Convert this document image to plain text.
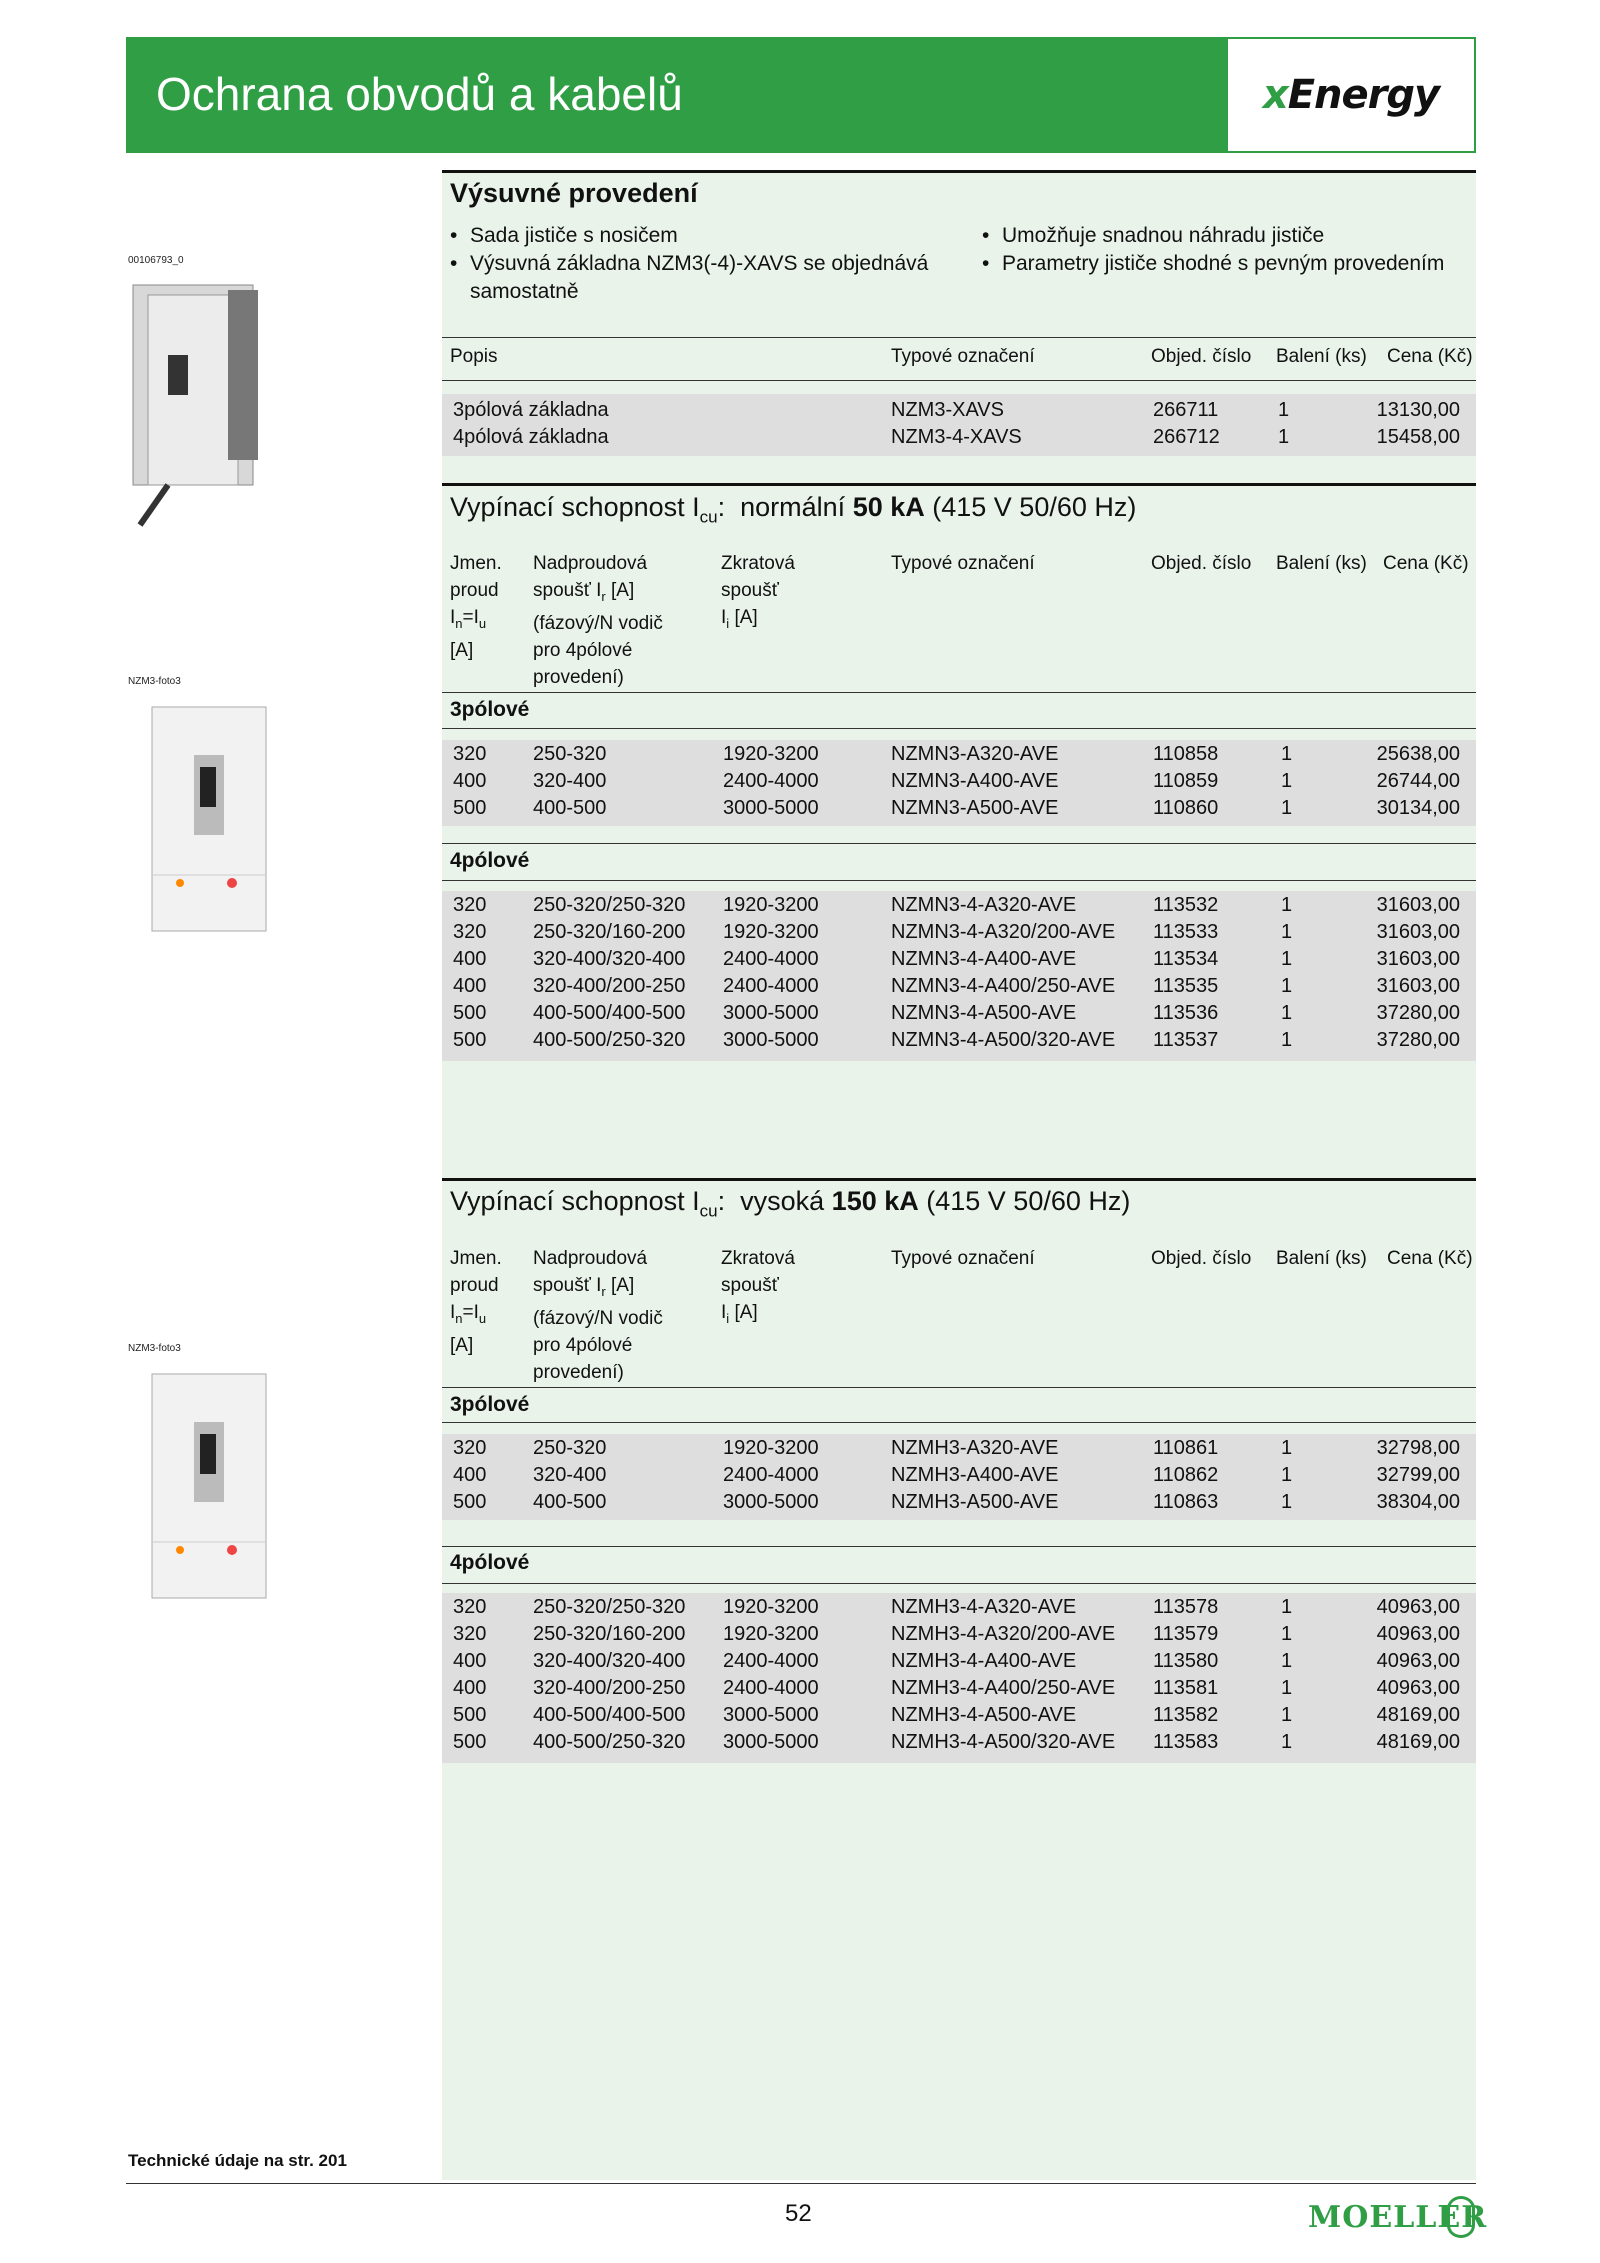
Ochrana obvodů a kabelů	xEnergy
00106793_0
NZM3-foto3
NZM3-foto3
Výsuvné provedení
• Sada jističe s nosičem
• Výsuvná základna NZM3(-4)-XAVS se objednává samostatně
• Umožňuje snadnou náhradu jističe
• Parametry jističe shodné s pevným provedením
Popis	Typové označení	Objed. číslo Balení (ks) Cena (Kč)
3pólová základna	NZM3-XAVS	266711	1	13130,00
4pólová základna	NZM3-4-XAVS	266712	1	15458,00
Vypínací schopnost $I_{cu}$:  normální 50 kA (415 V 50/60 Hz)
Jmen.
proud
$I_n=I_u$
[A]
Nadproudová
spoušť $I_r$ [A]
(fázový/N vodič
pro 4pólové
provedení)
Zkratová
spoušť
$I_i$ [A]
Typové označení	Objed. číslo Balení (ks) Cena (Kč)
3pólové
320 250-320	1920-3200	NZMN3-A320-AVE	110858	1	25638,00
400 320-400	2400-4000	NZMN3-A400-AVE	110859	1	26744,00
500 400-500	3000-5000	NZMN3-A500-AVE	110860	1	30134,00
4pólové
320 250-320/250-320 1920-3200	NZMN3-4-A320-AVE	113532	1	31603,00
320 250-320/160-200 1920-3200	NZMN3-4-A320/200-AVE 113533	1	31603,00
400 320-400/320-400 2400-4000	NZMN3-4-A400-AVE	113534	1	31603,00
400 320-400/200-250 2400-4000	NZMN3-4-A400/250-AVE 113535	1	31603,00
500 400-500/400-500 3000-5000	NZMN3-4-A500-AVE	113536	1	37280,00
500 400-500/250-320 3000-5000	NZMN3-4-A500/320-AVE 113537	1	37280,00
Vypínací schopnost $I_{cu}$:  vysoká 150 kA (415 V 50/60 Hz)
Jmen.
proud
$I_n=I_u$
[A]
Nadproudová
spoušť $I_r$ [A]
(fázový/N vodič
pro 4pólové
provedení)
Zkratová
spoušť
$I_i$ [A]
Typové označení	Objed. číslo Balení (ks) Cena (Kč)
3pólové
320 250-320	1920-3200	NZMH3-A320-AVE	110861	1	32798,00
400 320-400	2400-4000	NZMH3-A400-AVE	110862	1	32799,00
500 400-500	3000-5000	NZMH3-A500-AVE	110863	1	38304,00
4pólové
320 250-320/250-320 1920-3200	NZMH3-4-A320-AVE	113578	1	40963,00
320 250-320/160-200 1920-3200	NZMH3-4-A320/200-AVE 113579	1	40963,00
400 320-400/320-400 2400-4000	NZMH3-4-A400-AVE	113580	1	40963,00
400 320-400/200-250 2400-4000	NZMH3-4-A400/250-AVE 113581	1	40963,00
500 400-500/400-500 3000-5000	NZMH3-4-A500-AVE	113582	1	48169,00
500 400-500/250-320 3000-5000	NZMH3-4-A500/320-AVE 113583	1	48169,00
Technické údaje na str. 201
52	MOELLER
